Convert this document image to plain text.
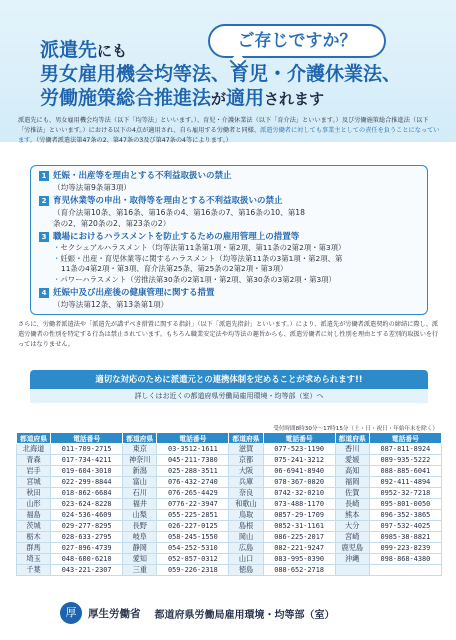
ご存じですか？
派遣先にも
男女雇用機会均等法、育児・介護休業法、
労働施策総合推進法が適用されます
派遣先にも、男女雇用機会均等法（以下「均等法」といいます。）、育児・介護休業法（以下「育介法」といいます。）及び労働施策総合推進法（以下「労推法」といいます。）における以下の4点が適用され、自ら雇用する労働者と同様、派遣労働者に対しても事業主としての責任を負うことになっています。（労働者派遣法第47条の2、第47条の3及び第47条の4等によります。）
1 妊娠・出産等を理由とする不利益取扱いの禁止
（均等法第9条第3項）
2 育児休業等の申出・取得等を理由とする不利益取扱いの禁止
（育介法第10条、第16条、第16条の4、第16条の7、第16条の10、第18
条の2、第20条の2、第23条の2）
3 職場におけるハラスメントを防止するための雇用管理上の措置等
・ セクシュアルハラスメント（均等法第11条第1項・第2項、第11条の2第2項・第3項）
・ 妊娠・出産・育児休業等に関するハラスメント（均等法第11条の3第1項・第2項、第
11条の4第2項・第3項、育介法第25条、第25条の2第2項・第3項）
・ パワーハラスメント（労推法第30条の2第1項・第2項、第30条の3第2項・第3項）
4 妊娠中及び出産後の健康管理に関する措置
（均等法第12条、第13条第1項）
さらに、労働者派遣法や「派遣先が講ずべき措置に関する指針」（以下「派遣先指針」といいます。）により、派遣先が労働者派遣契約の締結に際し、派遣労働者の性別を特定する行為は禁止されています。もちろん職業安定法や均等法の趣旨からも、派遣労働者に対し性別を理由とする差別的取扱いを行ってはなりません。
適切な対応のために派遣元との連携体制を定めることが求められます!!
詳しくはお近くの都道府県労働局雇用環境・均等部（室）へ
受付時間8時30分～17時15分（土・日・祝日・年始年末を除く）
都道府県	電話番号	都道府県	電話番号	都道府県	電話番号	都道府県	電話番号
北海道	011-709-2715	東京	03-3512-1611	滋賀	077-523-1190	香川	087-811-8924
青森	017-734-4211	神奈川	045-211-7380	京都	075-241-3212	愛媛	089-935-5222
岩手	019-604-3010	新潟	025-288-3511	大阪	06-6941-8940	高知	088-885-6041
宮城	022-299-8844	富山	076-432-2740	兵庫	078-367-0820	福岡	092-411-4894
秋田	018-862-6684	石川	076-265-4429	奈良	0742-32-0210	佐賀	0952-32-7218
山形	023-624-8228	福井	0776-22-3947	和歌山	073-488-1170	長崎	095-801-0050
福島	024-536-4609	山梨	055-225-2851	鳥取	0857-29-1709	熊本	096-352-3865
茨城	029-277-8295	長野	026-227-0125	島根	0852-31-1161	大分	097-532-4025
栃木	028-633-2795	岐阜	058-245-1550	岡山	086-225-2017	宮崎	0985-38-8821
群馬	027-896-4739	静岡	054-252-5310	広島	082-221-9247	鹿児島	099-223-8239
埼玉	048-600-6210	愛知	052-857-0312	山口	083-995-0390	沖縄	098-868-4380
千葉	043-221-2307	三重	059-226-2318	徳島	088-652-2718		
厚	厚生労働省 都道府県労働局雇用環境・均等部（室）
